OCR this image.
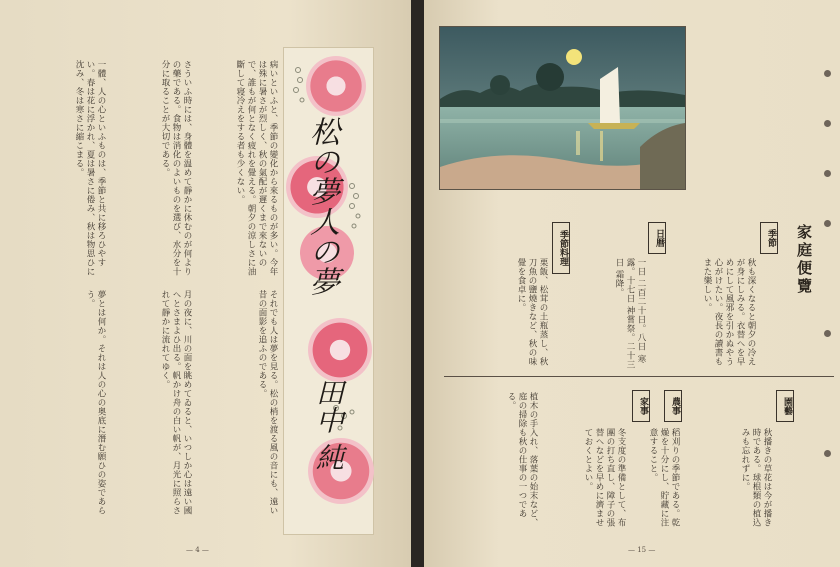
病いといふと、季節の變化から來るものが多い。今年は殊に暑さが烈しく、秋の氣配が遲くまで來ないので、誰もが何となく疲れを覺える。朝夕の涼しさに油斷して寝冷えをする者も少くない。
さういふ時には、身體を温めて靜かに休むのが何よりの藥である。食物は消化のよいものを選び、水分を十分に取ることが大切である。
一體、人の心といふものは、季節と共に移ろひやすい。春は花に浮かれ、夏は暑さに倦み、秋は物思ひに沈み、冬は寒さに縮こまる。
それでも人は夢を見る。松の梢を渡る風の音にも、遠い昔の面影を追ふのである。
月の夜に、川の面を眺めてゐると、いつしか心は遠い國へとさまよひ出る。帆かけ舟の白い帆が、月光に照らされて靜かに流れてゆく。
夢とは何か。それは人の心の奥底に潛む願ひの姿であらう。
松の夢人の夢
田中 純
— 4 —
家庭便覽
季節
日暦
季節料理
園藝
農事
家事
秋も深くなると朝夕の冷えが身にしみる。衣替へを早めにして風邪を引かぬやう心がけたい。夜長の讀書もまた樂しい。
一日 二百二十日。八日 寒露。十七日 神嘗祭。二十三日 霜降。
栗飯、松茸の土瓶蒸し、秋刀魚の鹽燒きなど、秋の味覺を食卓に。
秋播きの草花は今が播き時である。球根類の植込みも忘れずに。
稻刈りの季節である。乾燥を十分にし、貯藏に注意すること。
冬支度の準備として、布團の打ち直し、障子の張替へなどを早めに濟ませておくとよい。
植木の手入れ、落葉の始末など、庭の掃除も秋の仕事の一つである。
— 15 —
